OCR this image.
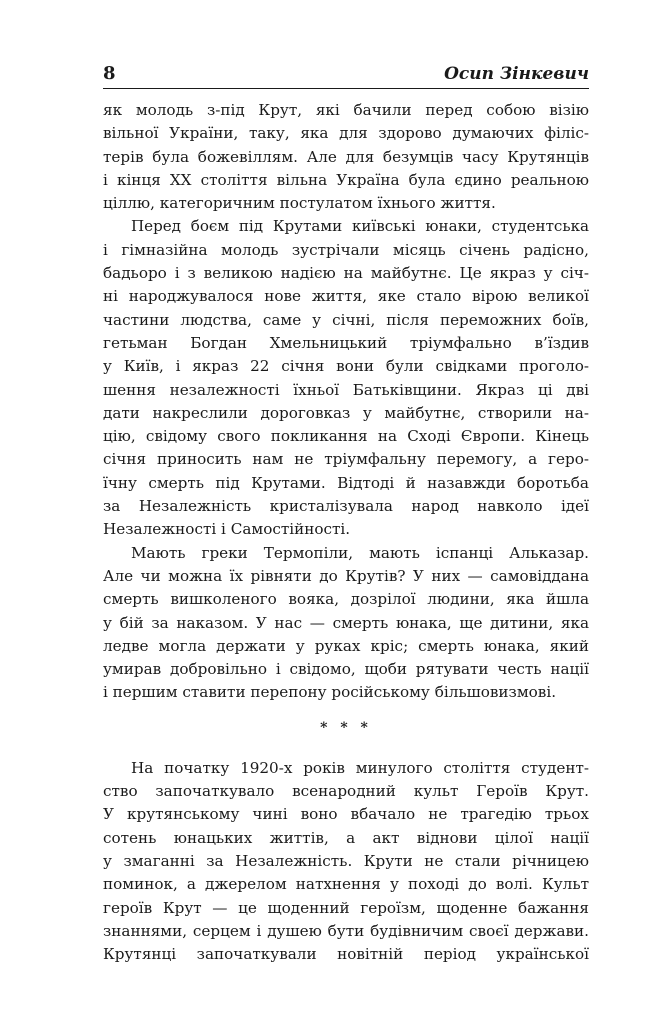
8	Осип Зінкевич

як молодь з-під Крут, які бачили перед собою візію
вільної України, таку, яка для здорово думаючих філіс-
терів була божевіллям. Але для безумців часу Крутянців
і кінця XX століття вільна Україна була єдино реальною
ціллю, категоричним постулатом їхнього життя.

Перед боєм під Крутами київські юнаки, студентська
і гімназійна молодь зустрічали місяць січень радісно,
бадьоро і з великою надією на майбутнє. Це якраз у січ-
ні народжувалося нове життя, яке стало вірою великої
частини людства, саме у січні, після переможних боїв,
гетьман Богдан Хмельницький тріумфально в’їздив
у Київ, і якраз 22 січня вони були свідками проголо-
шення незалежності їхньої Батьківщини. Якраз ці дві
дати накреслили дороговказ у майбутнє, створили на-
цію, свідому свого покликання на Сході Європи. Кінець
січня приносить нам не тріумфальну перемогу, а геро-
їчну смерть під Крутами. Відтоді й назавжди боротьба
за Незалежність кристалізувала народ навколо ідеї
Незалежності і Самостійності.

Мають греки Термопіли, мають іспанці Альказар.
Але чи можна їх рівняти до Крутів? У них — самовіддана
смерть вишколеного вояка, дозрілої людини, яка йшла
у бій за наказом. У нас — смерть юнака, ще дитини, яка
ледве могла держати у руках кріс; смерть юнака, який
умирав добровільно і свідомо, щоби рятувати честь нації
і першим ставити перепону російському більшовизмові.

* * *

На початку 1920-х років минулого століття студент-
ство започаткувало всенародний культ Героїв Крут.
У крутянському чині воно вбачало не трагедію трьох
сотень юнацьких життів, а акт віднови цілої нації
у змаганні за Незалежність. Крути не стали річницею
поминок, а джерелом натхнення у поході до волі. Культ
героїв Крут — це щоденний героїзм, щоденне бажання
знаннями, серцем і душею бути будівничим своєї держави.
Крутянці започаткували новітній період української
